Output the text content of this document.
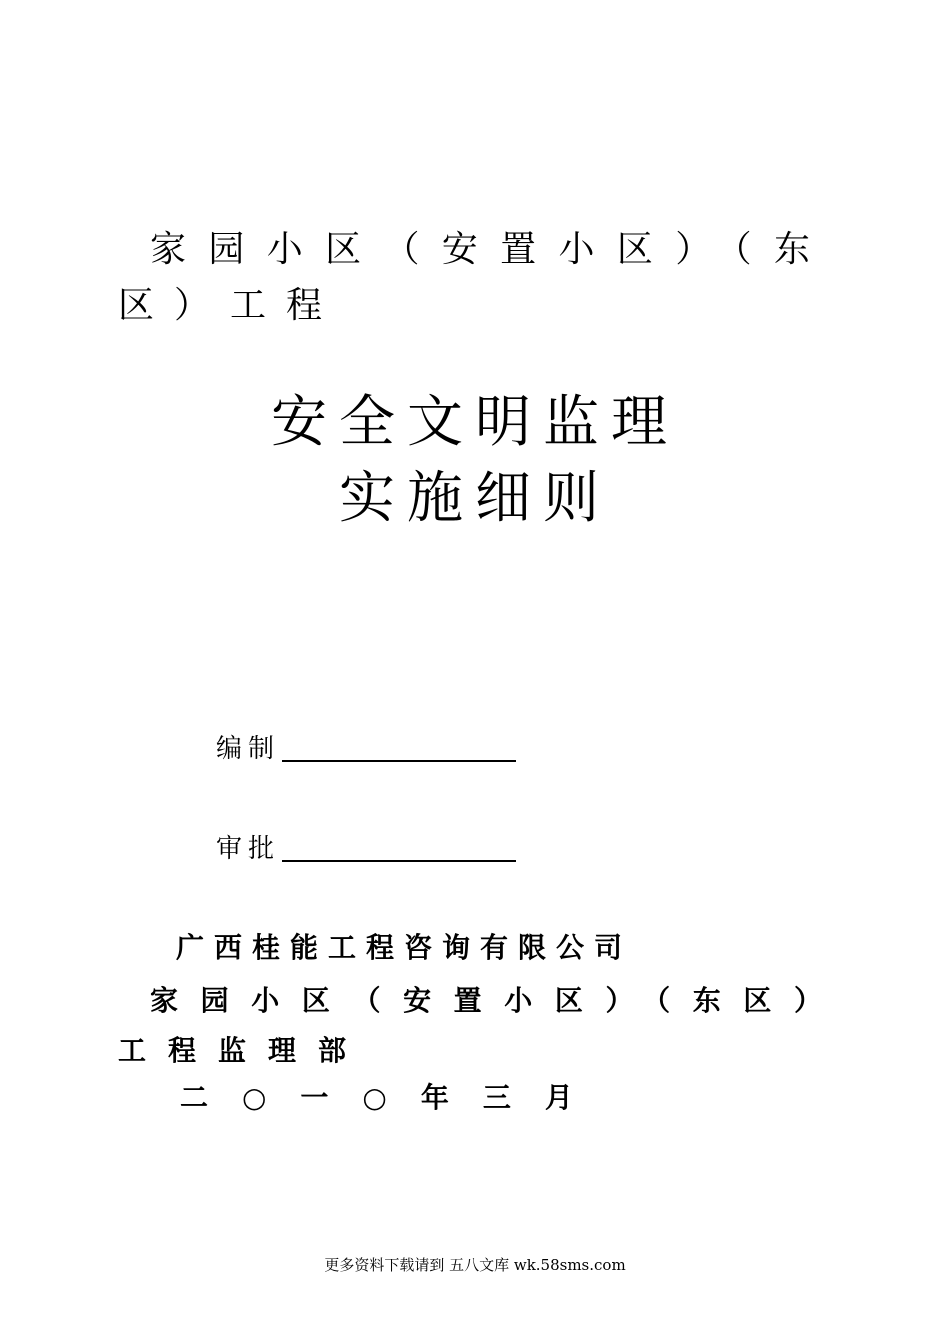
家园小区（安置小区）（东区）工程

安全文明监理

实施细则

编制
审批

广西桂能工程咨询有限公司

家园小区（安置小区）（东区）工程监理部

二○一○年三月

更多资料下载请到 五八文库 wk.58sms.com
